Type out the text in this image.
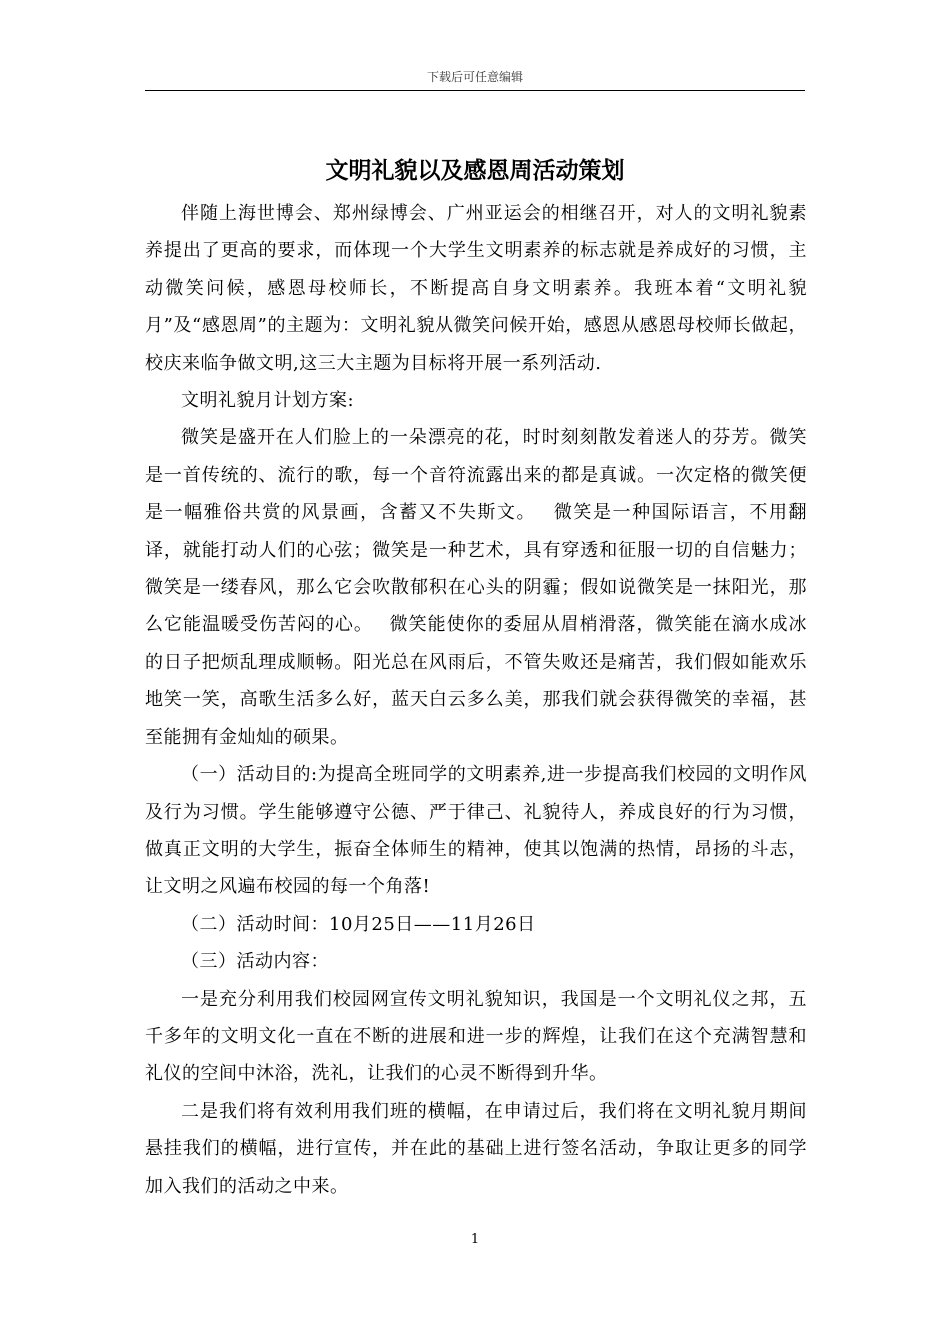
下载后可任意编辑
文明礼貌以及感恩周活动策划

伴随上海世博会、郑州绿博会、广州亚运会的相继召开，对人的文明礼貌素养提出了更高的要求，而体现一个大学生文明素养的标志就是养成好的习惯，主动微笑问候，感恩母校师长，不断提高自身文明素养。我班本着“文明礼貌月”及“感恩周”的主题为：文明礼貌从微笑问候开始，感恩从感恩母校师长做起，校庆来临争做文明,这三大主题为目标将开展一系列活动.

文明礼貌月计划方案:

微笑是盛开在人们脸上的一朵漂亮的花，时时刻刻散发着迷人的芬芳。微笑是一首传统的、流行的歌，每一个音符流露出来的都是真诚。一次定格的微笑便是一幅雅俗共赏的风景画，含蓄又不失斯文。　 微笑是一种国际语言，不用翻译，就能打动人们的心弦；微笑是一种艺术，具有穿透和征服一切的自信魅力；微笑是一缕春风，那么它会吹散郁积在心头的阴霾；假如说微笑是一抹阳光，那么它能温暖受伤苦闷的心。　 微笑能使你的委屈从眉梢滑落，微笑能在滴水成冰的日子把烦乱理成顺畅。阳光总在风雨后，不管失败还是痛苦，我们假如能欢乐地笑一笑，高歌生活多么好，蓝天白云多么美，那我们就会获得微笑的幸福，甚至能拥有金灿灿的硕果。

（一）活动目的:为提高全班同学的文明素养,进一步提高我们校园的文明作风及行为习惯。学生能够遵守公德、严于律己、礼貌待人，养成良好的行为习惯，做真正文明的大学生，振奋全体师生的精神，使其以饱满的热情，昂扬的斗志，让文明之风遍布校园的每一个角落!

（二）活动时间：10月25日——11月26日

（三）活动内容：

一是充分利用我们校园网宣传文明礼貌知识，我国是一个文明礼仪之邦，五千多年的文明文化一直在不断的进展和进一步的辉煌，让我们在这个充满智慧和礼仪的空间中沐浴，洗礼，让我们的心灵不断得到升华。

二是我们将有效利用我们班的横幅，在申请过后，我们将在文明礼貌月期间悬挂我们的横幅，进行宣传，并在此的基础上进行签名活动，争取让更多的同学加入我们的活动之中来。

1
